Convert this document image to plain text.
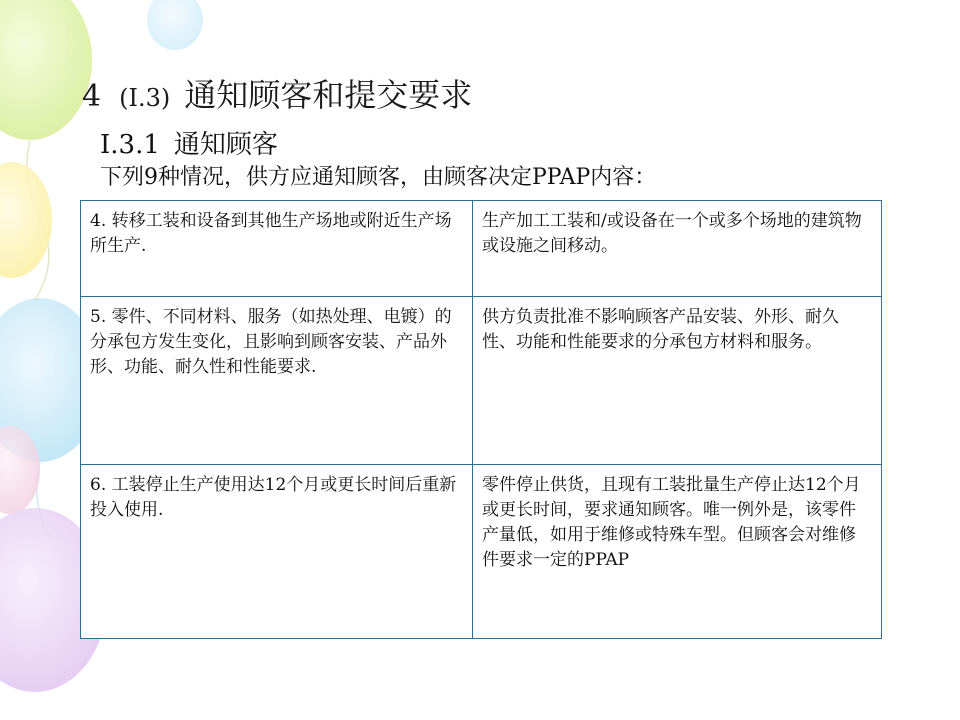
4 (I.3) 通知顾客和提交要求
I.3.1 通知顾客
下列9种情况，供方应通知顾客，由顾客决定PPAP内容：
4. 转移工装和设备到其他生产场地或附近生产场所生产.	生产加工工装和/或设备在一个或多个场地的建筑物或设施之间移动。
5. 零件、不同材料、服务（如热处理、电镀）的分承包方发生变化，且影响到顾客安装、产品外形、功能、耐久性和性能要求.	供方负责批准不影响顾客产品安装、外形、耐久性、功能和性能要求的分承包方材料和服务。
6. 工装停止生产使用达12个月或更长时间后重新投入使用.	零件停止供货，且现有工装批量生产停止达12个月或更长时间，要求通知顾客。唯一例外是，该零件产量低，如用于维修或特殊车型。但顾客会对维修件要求一定的PPAP
